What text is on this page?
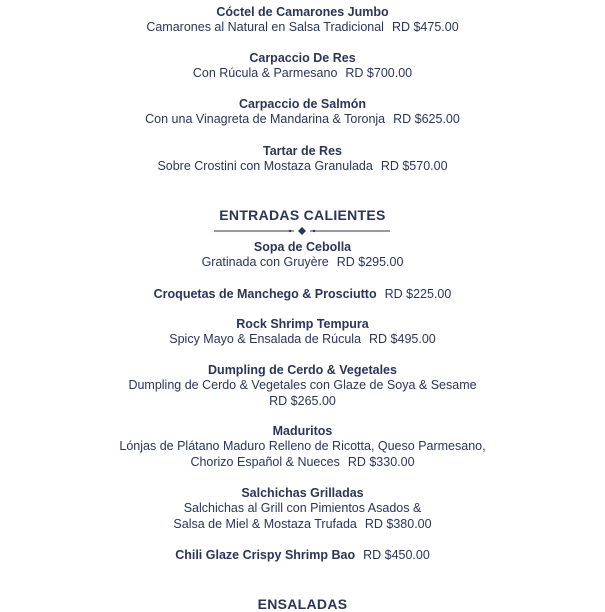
Cóctel de Camarones Jumbo
Camarones al Natural en Salsa Tradicional RD $475.00
Carpaccio De Res
Con Rúcula & Parmesano RD $700.00
Carpaccio de Salmón
Con una Vinagreta de Mandarina & Toronja RD $625.00
Tartar de Res
Sobre Crostini con Mostaza Granulada RD $570.00
ENTRADAS CALIENTES
Sopa de Cebolla
Gratinada con Gruyère RD $295.00
Croquetas de Manchego & Prosciutto RD $225.00
Rock Shrimp Tempura
Spicy Mayo & Ensalada de Rúcula RD $495.00
Dumpling de Cerdo & Vegetales
Dumpling de Cerdo & Vegetales con Glaze de Soya & Sesame
RD $265.00
Maduritos
Lónjas de Plátano Maduro Relleno de Ricotta, Queso Parmesano,
Chorizo Español & Nueces RD $330.00
Salchichas Grilladas
Salchichas al Grill con Pimientos Asados &
Salsa de Miel & Mostaza Trufada RD $380.00
Chili Glaze Crispy Shrimp Bao RD $450.00
ENSALADAS
